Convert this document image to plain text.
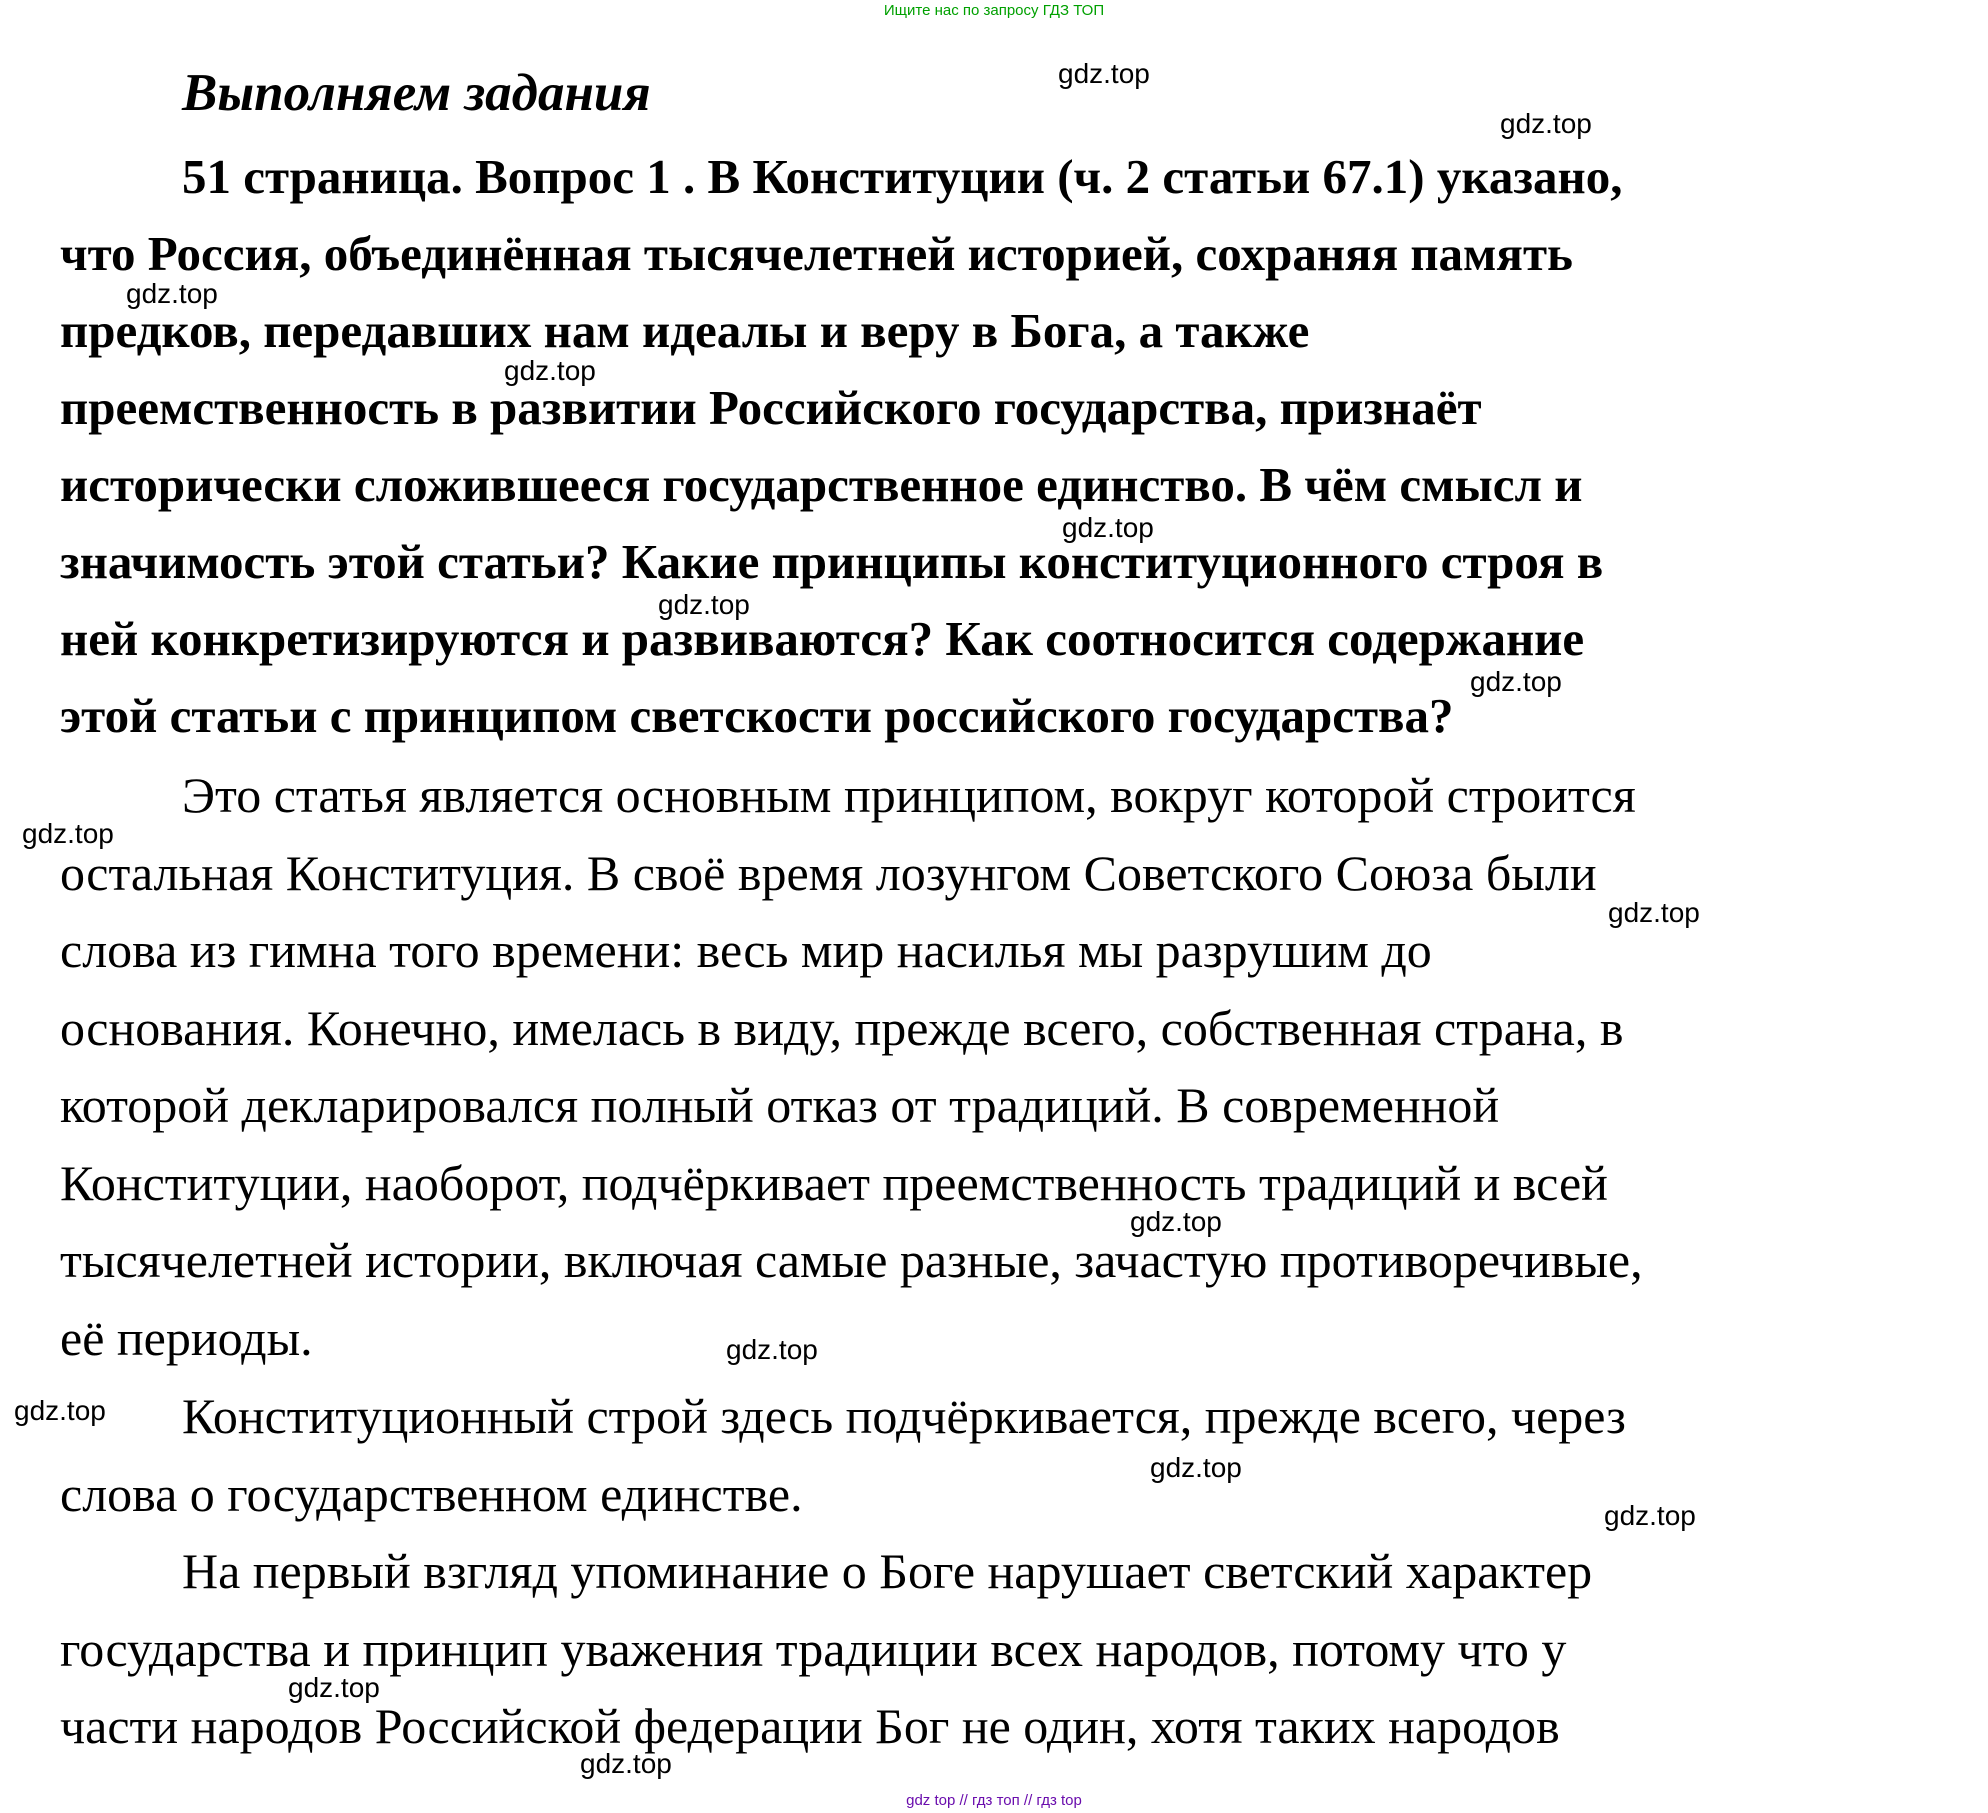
Ищите нас по запросу ГДЗ ТОП
Выполняем задания
51 страница. Вопрос 1 . В Конституции (ч. 2 статьи 67.1) указано,
что Россия, объединённая тысячелетней историей, сохраняя память
предков, передавших нам идеалы и веру в Бога, а также
преемственность в развитии Российского государства, признаёт
исторически сложившееся государственное единство. В чём смысл и
значимость этой статьи? Какие принципы конституционного строя в
ней конкретизируются и развиваются? Как соотносится содержание
этой статьи с принципом светскости российского государства?
Это статья является основным принципом, вокруг которой строится
остальная Конституция. В своё время лозунгом Советского Союза были
слова из гимна того времени: весь мир насилья мы разрушим до
основания. Конечно, имелась в виду, прежде всего, собственная страна, в
которой декларировался полный отказ от традиций. В современной
Конституции, наоборот, подчёркивает преемственность традиций и всей
тысячелетней истории, включая самые разные, зачастую противоречивые,
её периоды.
Конституционный строй здесь подчёркивается, прежде всего, через
слова о государственном единстве.
На первый взгляд упоминание о Боге нарушает светский характер
государства и принцип уважения традиции всех народов, потому что у
части народов Российской федерации Бог не один, хотя таких народов
gdz.top
gdz.top
gdz.top
gdz.top
gdz.top
gdz.top
gdz.top
gdz.top
gdz.top
gdz.top
gdz.top
gdz.top
gdz.top
gdz.top
gdz.top
gdz.top
gdz top // гдз топ // гдз top
